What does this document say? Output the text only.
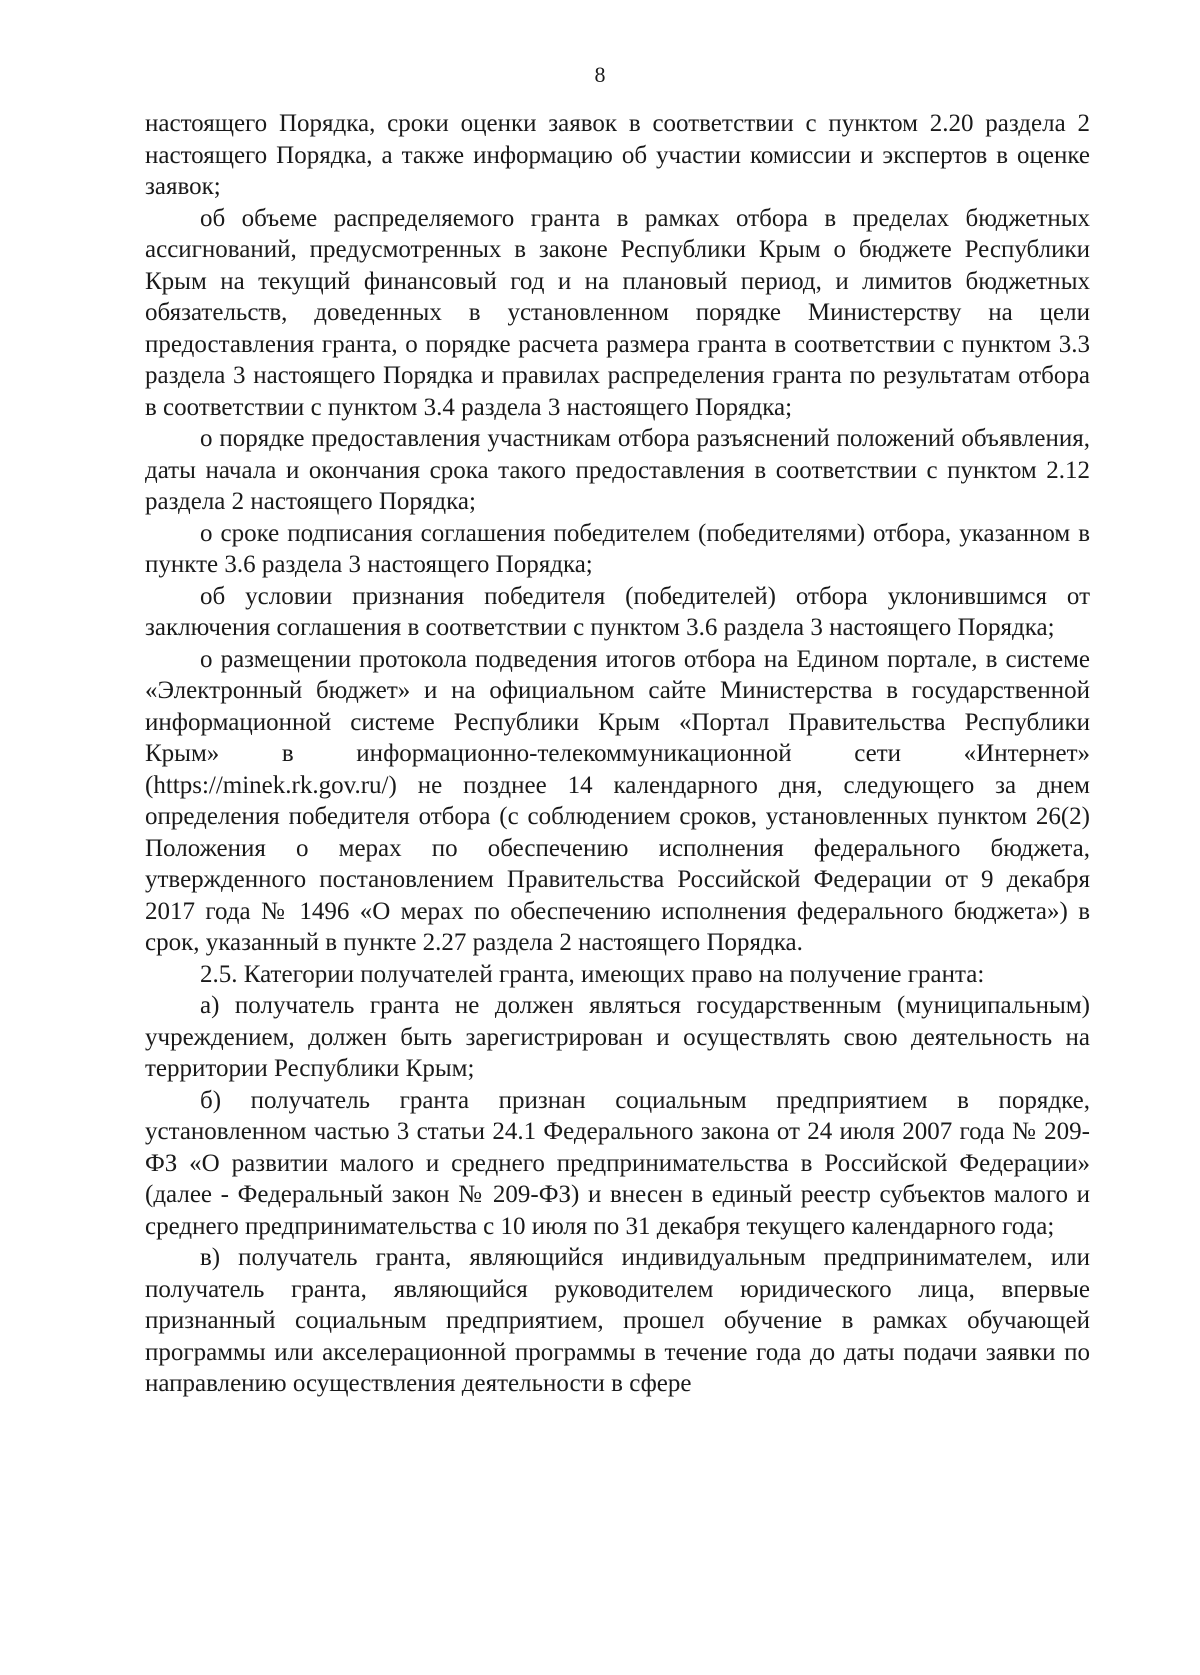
8

настоящего Порядка, сроки оценки заявок в соответствии с пунктом 2.20 раздела 2 настоящего Порядка, а также информацию об участии комиссии и экспертов в оценке заявок;

об объеме распределяемого гранта в рамках отбора в пределах бюджетных ассигнований, предусмотренных в законе Республики Крым о бюджете Республики Крым на текущий финансовый год и на плановый период, и лимитов бюджетных обязательств, доведенных в установленном порядке Министерству на цели предоставления гранта, о порядке расчета размера гранта в соответствии с пунктом 3.3 раздела 3 настоящего Порядка и правилах распределения гранта по результатам отбора в соответствии с пунктом 3.4 раздела 3 настоящего Порядка;

о порядке предоставления участникам отбора разъяснений положений объявления, даты начала и окончания срока такого предоставления в соответствии с пунктом 2.12 раздела 2 настоящего Порядка;

о сроке подписания соглашения победителем (победителями) отбора, указанном в пункте 3.6 раздела 3 настоящего Порядка;

об условии признания победителя (победителей) отбора уклонившимся от заключения соглашения в соответствии с пунктом 3.6 раздела 3 настоящего Порядка;

о размещении протокола подведения итогов отбора на Едином портале, в системе «Электронный бюджет» и на официальном сайте Министерства в государственной информационной системе Республики Крым «Портал Правительства Республики Крым» в информационно-телекоммуникационной сети «Интернет» (https://minek.rk.gov.ru/) не позднее 14 календарного дня, следующего за днем определения победителя отбора (с соблюдением сроков, установленных пунктом 26(2) Положения о мерах по обеспечению исполнения федерального бюджета, утвержденного постановлением Правительства Российской Федерации от 9 декабря 2017 года № 1496 «О мерах по обеспечению исполнения федерального бюджета») в срок, указанный в пункте 2.27 раздела 2 настоящего Порядка.

2.5. Категории получателей гранта, имеющих право на получение гранта:

а) получатель гранта не должен являться государственным (муниципальным) учреждением, должен быть зарегистрирован и осуществлять свою деятельность на территории Республики Крым;

б) получатель гранта признан социальным предприятием в порядке, установленном частью 3 статьи 24.1 Федерального закона от 24 июля 2007 года № 209-ФЗ «О развитии малого и среднего предпринимательства в Российской Федерации» (далее - Федеральный закон № 209-ФЗ) и внесен в единый реестр субъектов малого и среднего предпринимательства с 10 июля по 31 декабря текущего календарного года;

в) получатель гранта, являющийся индивидуальным предпринимателем, или получатель гранта, являющийся руководителем юридического лица, впервые признанный социальным предприятием, прошел обучение в рамках обучающей программы или акселерационной программы в течение года до даты подачи заявки по направлению осуществления деятельности в сфере
